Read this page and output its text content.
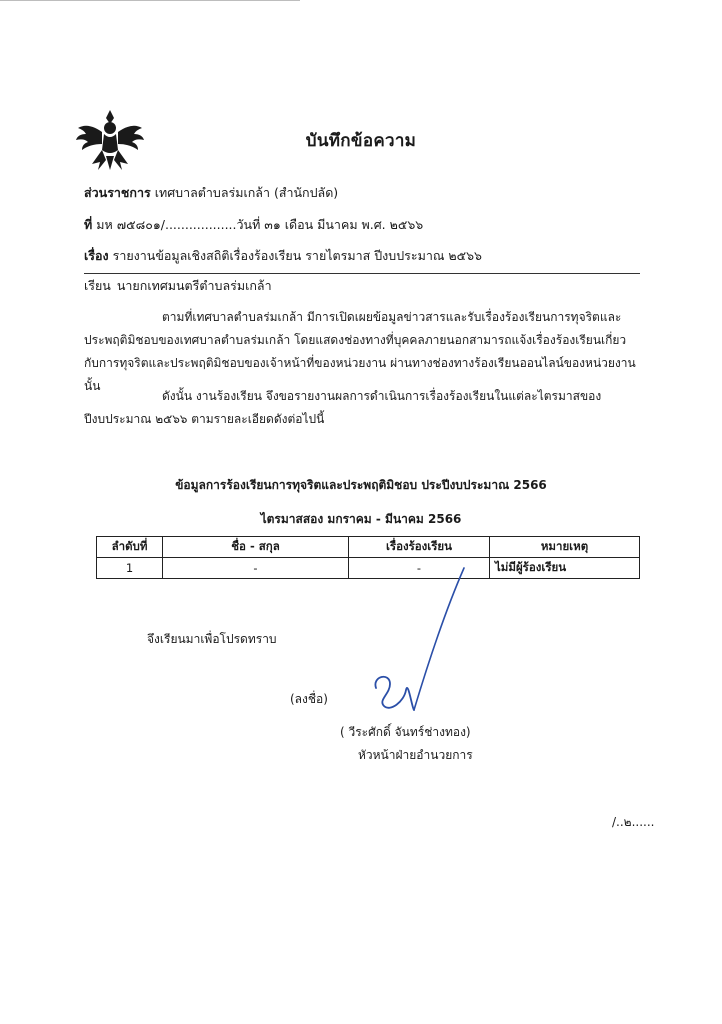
บันทึกข้อความ
ส่วนราชการ เทศบาลตำบลร่มเกล้า (สำนักปลัด)
ที่ มห ๗๕๘๐๑/..................วันที่ ๓๑ เดือน มีนาคม พ.ศ. ๒๕๖๖
เรื่อง รายงานข้อมูลเชิงสถิติเรื่องร้องเรียน รายไตรมาส ปีงบประมาณ ๒๕๖๖
เรียน นายกเทศมนตรีตำบลร่มเกล้า
ตามที่เทศบาลตำบลร่มเกล้า มีการเปิดเผยข้อมูลข่าวสารและรับเรื่องร้องเรียนการทุจริตและประพฤติมิชอบของเทศบาลตำบลร่มเกล้า โดยแสดงช่องทางที่บุคคลภายนอกสามารถแจ้งเรื่องร้องเรียนเกี่ยวกับการทุจริตและประพฤติมิชอบของเจ้าหน้าที่ของหน่วยงาน ผ่านทางช่องทางร้องเรียนออนไลน์ของหน่วยงาน นั้น
ดังนั้น งานร้องเรียน จึงขอรายงานผลการดำเนินการเรื่องร้องเรียนในแต่ละไตรมาสของปีงบประมาณ ๒๕๖๖ ตามรายละเอียดดังต่อไปนี้
ข้อมูลการร้องเรียนการทุจริตและประพฤติมิชอบ ประปีงบประมาณ 2566
ไตรมาสสอง มกราคม - มีนาคม 2566
ลำดับที่	ชื่อ - สกุล	เรื่องร้องเรียน	หมายเหตุ
1	-	-	ไม่มีผู้ร้องเรียน
จึงเรียนมาเพื่อโปรดทราบ
(ลงชื่อ)
( วีระศักดิ์ จันทร์ช่างทอง)
หัวหน้าฝ่ายอำนวยการ
/..๒......
